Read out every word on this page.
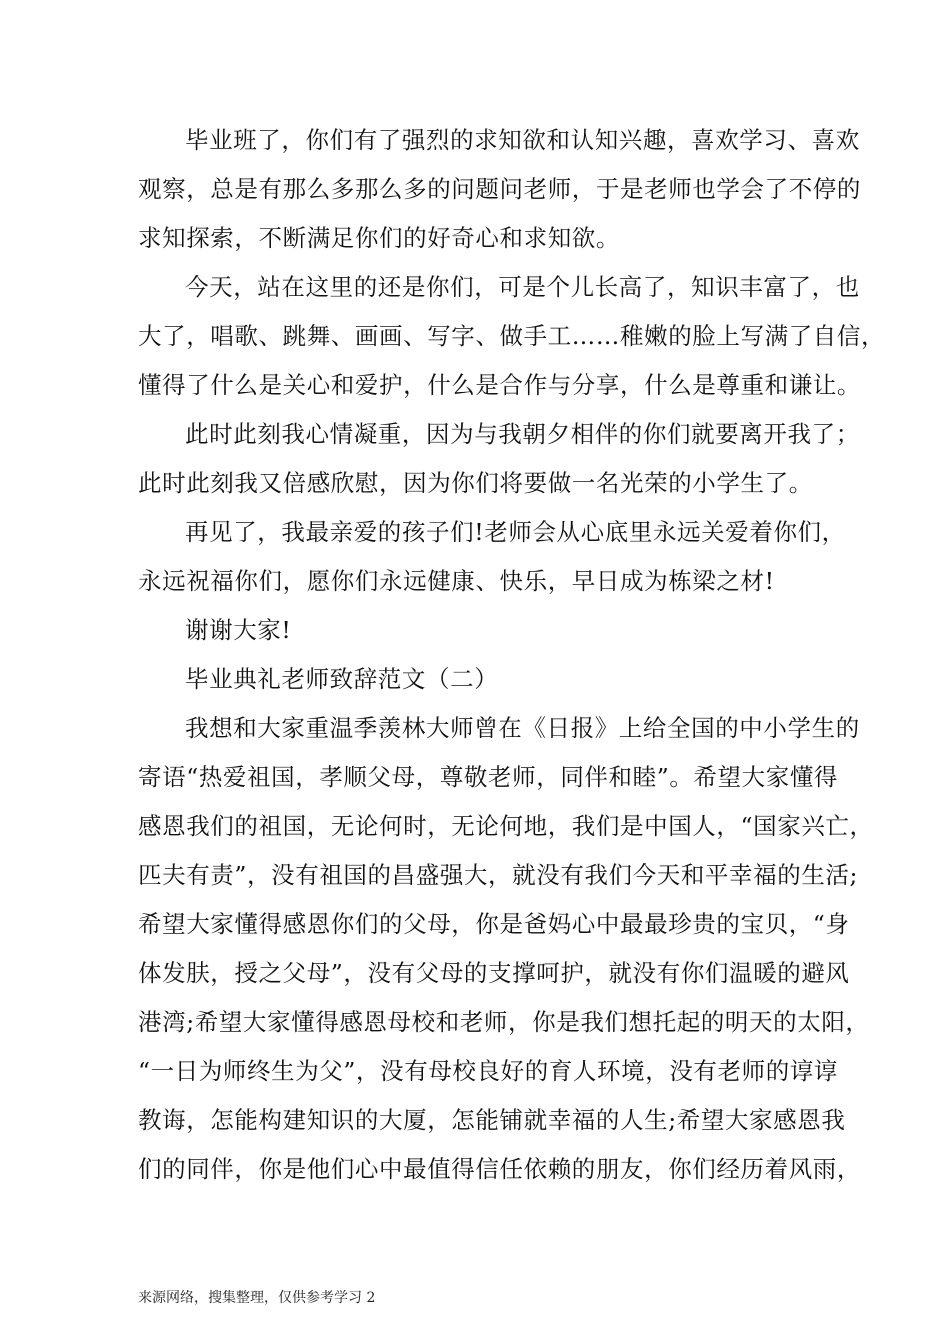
毕业班了，你们有了强烈的求知欲和认知兴趣，喜欢学习、喜欢
观察，总是有那么多那么多的问题问老师，于是老师也学会了不停的
求知探索，不断满足你们的好奇心和求知欲。
今天，站在这里的还是你们，可是个儿长高了，知识丰富了，也
大了，唱歌、跳舞、画画、写字、做手工……稚嫩的脸上写满了自信，
懂得了什么是关心和爱护，什么是合作与分享，什么是尊重和谦让。
此时此刻我心情凝重，因为与我朝夕相伴的你们就要离开我了；
此时此刻我又倍感欣慰，因为你们将要做一名光荣的小学生了。
再见了，我最亲爱的孩子们!老师会从心底里永远关爱着你们，
永远祝福你们，愿你们永远健康、快乐，早日成为栋梁之材!
谢谢大家!
毕业典礼老师致辞范文（二）
我想和大家重温季羡林大师曾在《日报》上给全国的中小学生的
寄语“热爱祖国，孝顺父母，尊敬老师，同伴和睦”。希望大家懂得
感恩我们的祖国，无论何时，无论何地，我们是中国人，“国家兴亡，
匹夫有责”，没有祖国的昌盛强大，就没有我们今天和平幸福的生活;
希望大家懂得感恩你们的父母，你是爸妈心中最最珍贵的宝贝，“身
体发肤，授之父母”，没有父母的支撑呵护，就没有你们温暖的避风
港湾;希望大家懂得感恩母校和老师，你是我们想托起的明天的太阳，
“一日为师终生为父”，没有母校良好的育人环境，没有老师的谆谆
教诲，怎能构建知识的大厦，怎能铺就幸福的人生;希望大家感恩我
们的同伴，你是他们心中最值得信任依赖的朋友，你们经历着风雨，
来源网络，搜集整理，仅供参考学习 2
